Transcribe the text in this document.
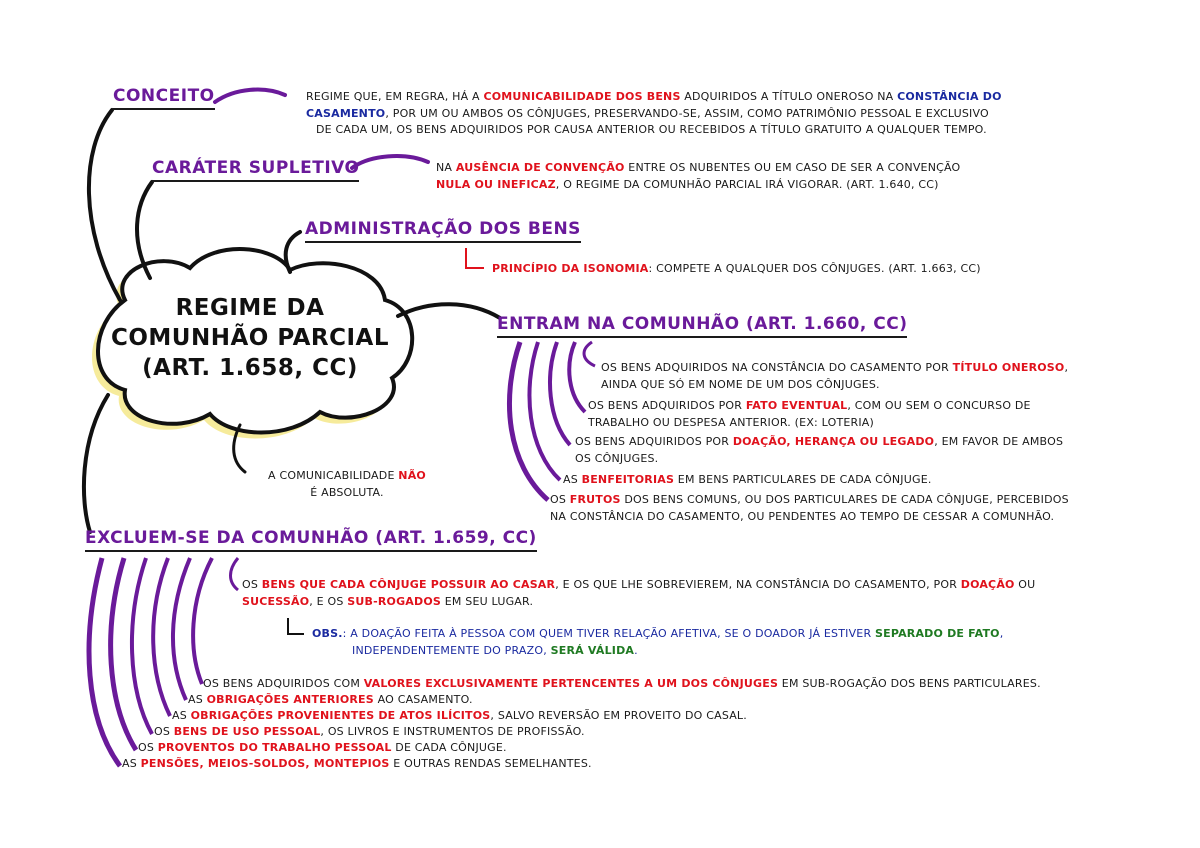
REGIME DA
COMUNHÃO PARCIAL
(ART. 1.658, CC)
CONCEITO	REGIME QUE, EM REGRA, HÁ A COMUNICABILIDADE DOS BENS ADQUIRIDOS A TÍTULO ONEROSO NA CONSTÂNCIA DO
CASAMENTO, POR UM OU AMBOS OS CÔNJUGES, PRESERVANDO-SE, ASSIM, COMO PATRIMÔNIO PESSOAL E EXCLUSIVO
DE CADA UM, OS BENS ADQUIRIDOS POR CAUSA ANTERIOR OU RECEBIDOS A TÍTULO GRATUITO A QUALQUER TEMPO.
CARÁTER SUPLETIVO	NA AUSÊNCIA DE CONVENÇÃO ENTRE OS NUBENTES OU EM CASO DE SER A CONVENÇÃO
NULA OU INEFICAZ, O REGIME DA COMUNHÃO PARCIAL IRÁ VIGORAR. (ART. 1.640, CC)
ADMINISTRAÇÃO DOS BENS
PRINCÍPIO DA ISONOMIA: COMPETE A QUALQUER DOS CÔNJUGES. (ART. 1.663, CC)
A COMUNICABILIDADE NÃO
É ABSOLUTA.
ENTRAM NA COMUNHÃO (ART. 1.660, CC)
OS BENS ADQUIRIDOS NA CONSTÂNCIA DO CASAMENTO POR TÍTULO ONEROSO,
AINDA QUE SÓ EM NOME DE UM DOS CÔNJUGES.
OS BENS ADQUIRIDOS POR FATO EVENTUAL, COM OU SEM O CONCURSO DE
TRABALHO OU DESPESA ANTERIOR. (EX: LOTERIA)
OS BENS ADQUIRIDOS POR DOAÇÃO, HERANÇA OU LEGADO, EM FAVOR DE AMBOS
OS CÔNJUGES.
AS BENFEITORIAS EM BENS PARTICULARES DE CADA CÔNJUGE.
OS FRUTOS DOS BENS COMUNS, OU DOS PARTICULARES DE CADA CÔNJUGE, PERCEBIDOS
NA CONSTÂNCIA DO CASAMENTO, OU PENDENTES AO TEMPO DE CESSAR A COMUNHÃO.
EXCLUEM-SE DA COMUNHÃO (ART. 1.659, CC)
OS BENS QUE CADA CÔNJUGE POSSUIR AO CASAR, E OS QUE LHE SOBREVIEREM, NA CONSTÂNCIA DO CASAMENTO, POR DOAÇÃO OU
SUCESSÃO, E OS SUB-ROGADOS EM SEU LUGAR.
OBS.: A DOAÇÃO FEITA À PESSOA COM QUEM TIVER RELAÇÃO AFETIVA, SE O DOADOR JÁ ESTIVER SEPARADO DE FATO,
INDEPENDENTEMENTE DO PRAZO, SERÁ VÁLIDA.
OS BENS ADQUIRIDOS COM VALORES EXCLUSIVAMENTE PERTENCENTES A UM DOS CÔNJUGES EM SUB-ROGAÇÃO DOS BENS PARTICULARES.
AS OBRIGAÇÕES ANTERIORES AO CASAMENTO.
AS OBRIGAÇÕES PROVENIENTES DE ATOS ILÍCITOS, SALVO REVERSÃO EM PROVEITO DO CASAL.
OS BENS DE USO PESSOAL, OS LIVROS E INSTRUMENTOS DE PROFISSÃO.
OS PROVENTOS DO TRABALHO PESSOAL DE CADA CÔNJUGE.
AS PENSÕES, MEIOS-SOLDOS, MONTEPIOS E OUTRAS RENDAS SEMELHANTES.
